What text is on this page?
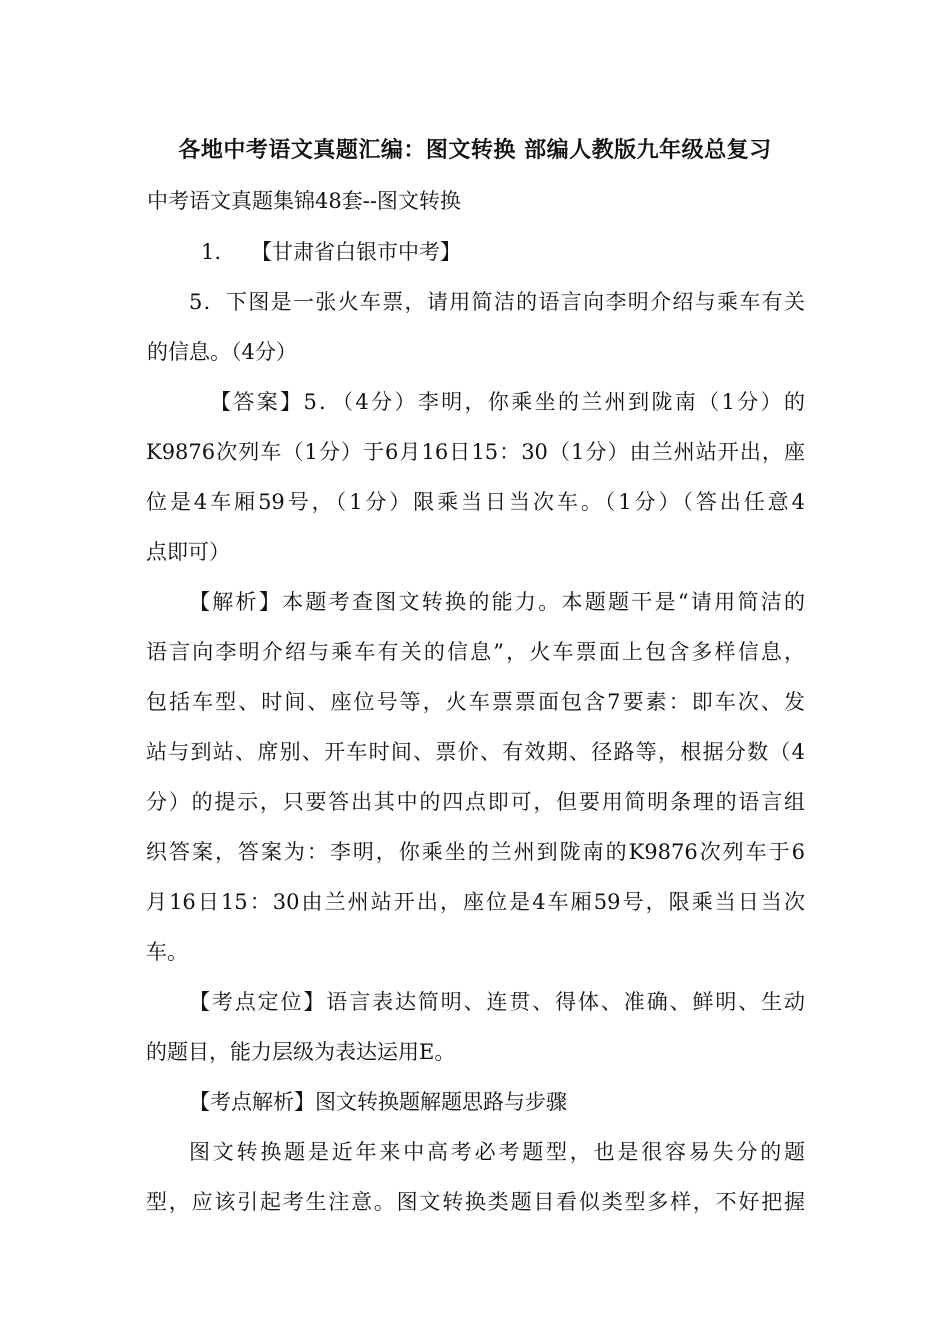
各地中考语文真题汇编：图文转换 部编人教版九年级总复习
中考语文真题集锦48套--图文转换
1. 【甘肃省白银市中考】
5．下图是一张火车票，请用简洁的语言向李明介绍与乘车有关
的信息。（4分）
【答案】5．（4分）李明，你乘坐的兰州到陇南（1分）的
K9876次列车（1分）于6月16日15：30（1分）由兰州站开出，座
位是4车厢59号，（1分）限乘当日当次车。（1分）（答出任意4
点即可）
【解析】本题考查图文转换的能力。本题题干是“请用简洁的
语言向李明介绍与乘车有关的信息”，火车票面上包含多样信息，
包括车型、时间、座位号等，火车票票面包含7要素：即车次、发
站与到站、席别、开车时间、票价、有效期、径路等，根据分数（4
分）的提示，只要答出其中的四点即可，但要用简明条理的语言组
织答案，答案为：李明，你乘坐的兰州到陇南的K9876次列车于6
月16日15：30由兰州站开出，座位是4车厢59号，限乘当日当次
车。
【考点定位】语言表达简明、连贯、得体、准确、鲜明、生动
的题目，能力层级为表达运用E。
【考点解析】图文转换题解题思路与步骤
图文转换题是近年来中高考必考题型，也是很容易失分的题
型，应该引起考生注意。图文转换类题目看似类型多样，不好把握
